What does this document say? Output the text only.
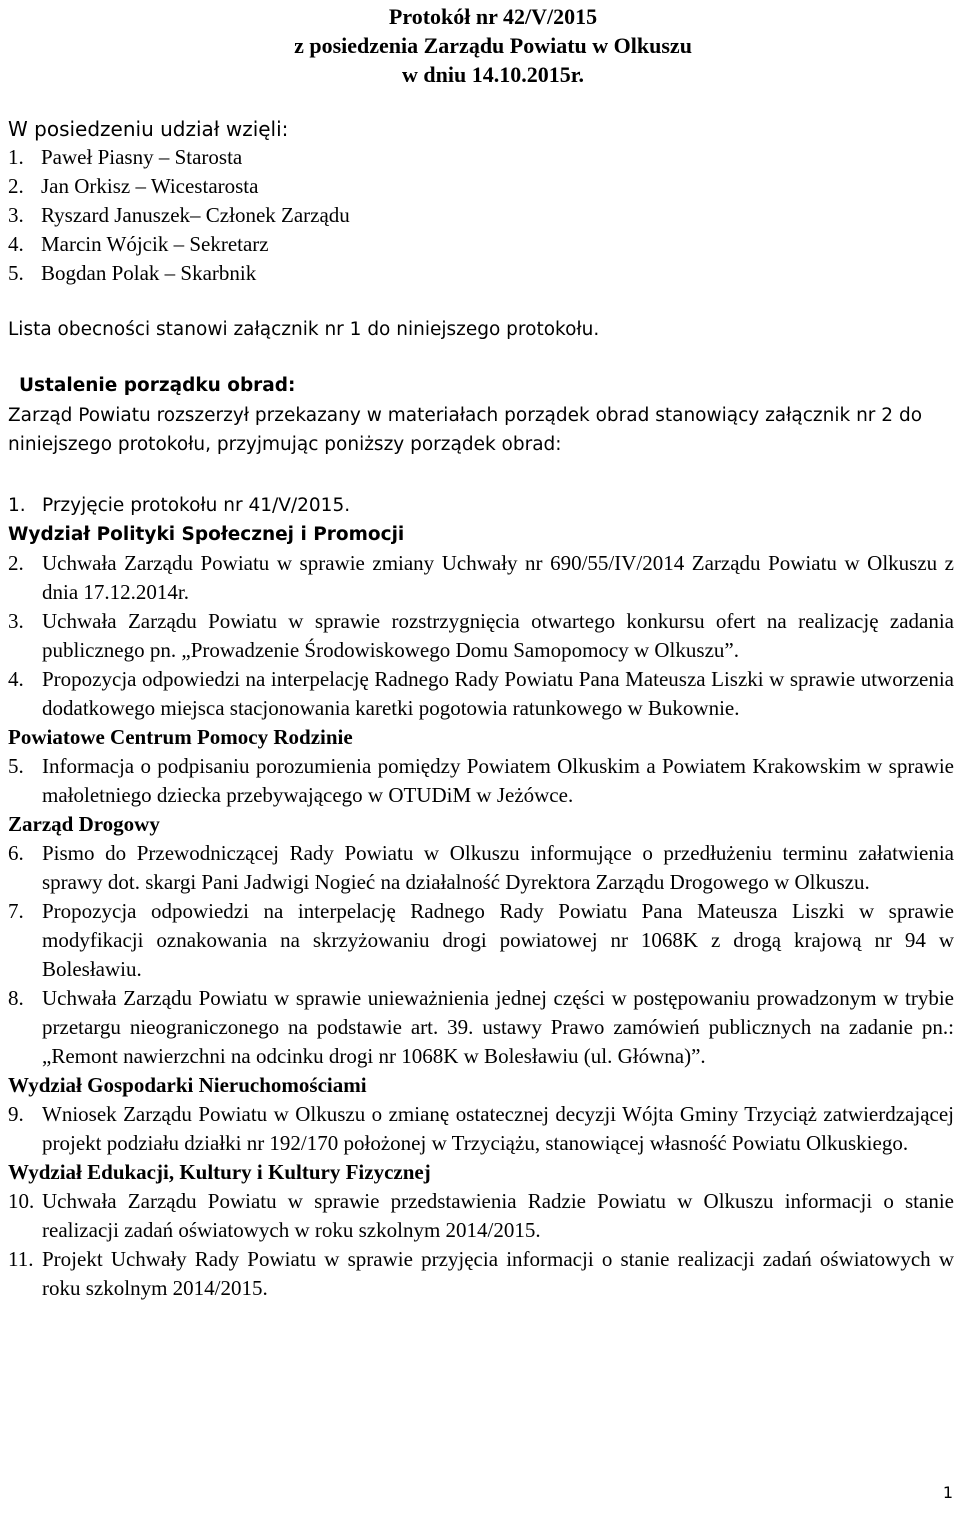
Protokół nr 42/V/2015
z posiedzenia Zarządu Powiatu w Olkuszu
w dniu 14.10.2015r.
W posiedzeniu udział wzięli:
1. Paweł Piasny – Starosta
2. Jan Orkisz – Wicestarosta
3. Ryszard Januszek– Członek Zarządu
4. Marcin Wójcik – Sekretarz
5. Bogdan Polak – Skarbnik
Lista obecności stanowi załącznik nr 1 do niniejszego protokołu.
Ustalenie porządku obrad:
Zarząd Powiatu rozszerzył przekazany w materiałach porządek obrad stanowiący załącznik nr 2 do niniejszego protokołu, przyjmując poniższy porządek obrad:
1. Przyjęcie protokołu nr 41/V/2015.
Wydział Polityki Społecznej i Promocji
2. Uchwała Zarządu Powiatu w sprawie zmiany Uchwały nr 690/55/IV/2014 Zarządu Powiatu w Olkuszu z dnia 17.12.2014r.
3. Uchwała Zarządu Powiatu w sprawie rozstrzygnięcia otwartego konkursu ofert na realizację zadania publicznego pn. „Prowadzenie Środowiskowego Domu Samopomocy w Olkuszu”.
4. Propozycja odpowiedzi na interpelację Radnego Rady Powiatu Pana Mateusza Liszki w sprawie utworzenia dodatkowego miejsca stacjonowania karetki pogotowia ratunkowego w Bukownie.
Powiatowe Centrum Pomocy Rodzinie
5. Informacja o podpisaniu porozumienia pomiędzy Powiatem Olkuskim a Powiatem Krakowskim w sprawie małoletniego dziecka przebywającego w OTUDiM w Jeżówce.
Zarząd Drogowy
6. Pismo do Przewodniczącej Rady Powiatu w Olkuszu informujące o przedłużeniu terminu załatwienia sprawy dot. skargi Pani Jadwigi Nogieć na działalność Dyrektora Zarządu Drogowego w Olkuszu.
7. Propozycja odpowiedzi na interpelację Radnego Rady Powiatu Pana Mateusza Liszki w sprawie modyfikacji oznakowania na skrzyżowaniu drogi powiatowej nr 1068K z drogą krajową nr 94 w Bolesławiu.
8. Uchwała Zarządu Powiatu w sprawie unieważnienia jednej części w postępowaniu prowadzonym w trybie przetargu nieograniczonego na podstawie art. 39. ustawy Prawo zamówień publicznych na zadanie pn.: „Remont nawierzchni na odcinku drogi nr 1068K w Bolesławiu (ul. Główna)”.
Wydział Gospodarki Nieruchomościami
9. Wniosek Zarządu Powiatu w Olkuszu o zmianę ostatecznej decyzji Wójta Gminy Trzyciąż zatwierdzającej projekt podziału działki nr 192/170 położonej w Trzyciążu, stanowiącej własność Powiatu Olkuskiego.
Wydział Edukacji, Kultury i Kultury Fizycznej
10. Uchwała Zarządu Powiatu w sprawie przedstawienia Radzie Powiatu w Olkuszu informacji o stanie realizacji zadań oświatowych w roku szkolnym 2014/2015.
11. Projekt Uchwały Rady Powiatu w sprawie przyjęcia informacji o stanie realizacji zadań oświatowych w roku szkolnym 2014/2015.
1
